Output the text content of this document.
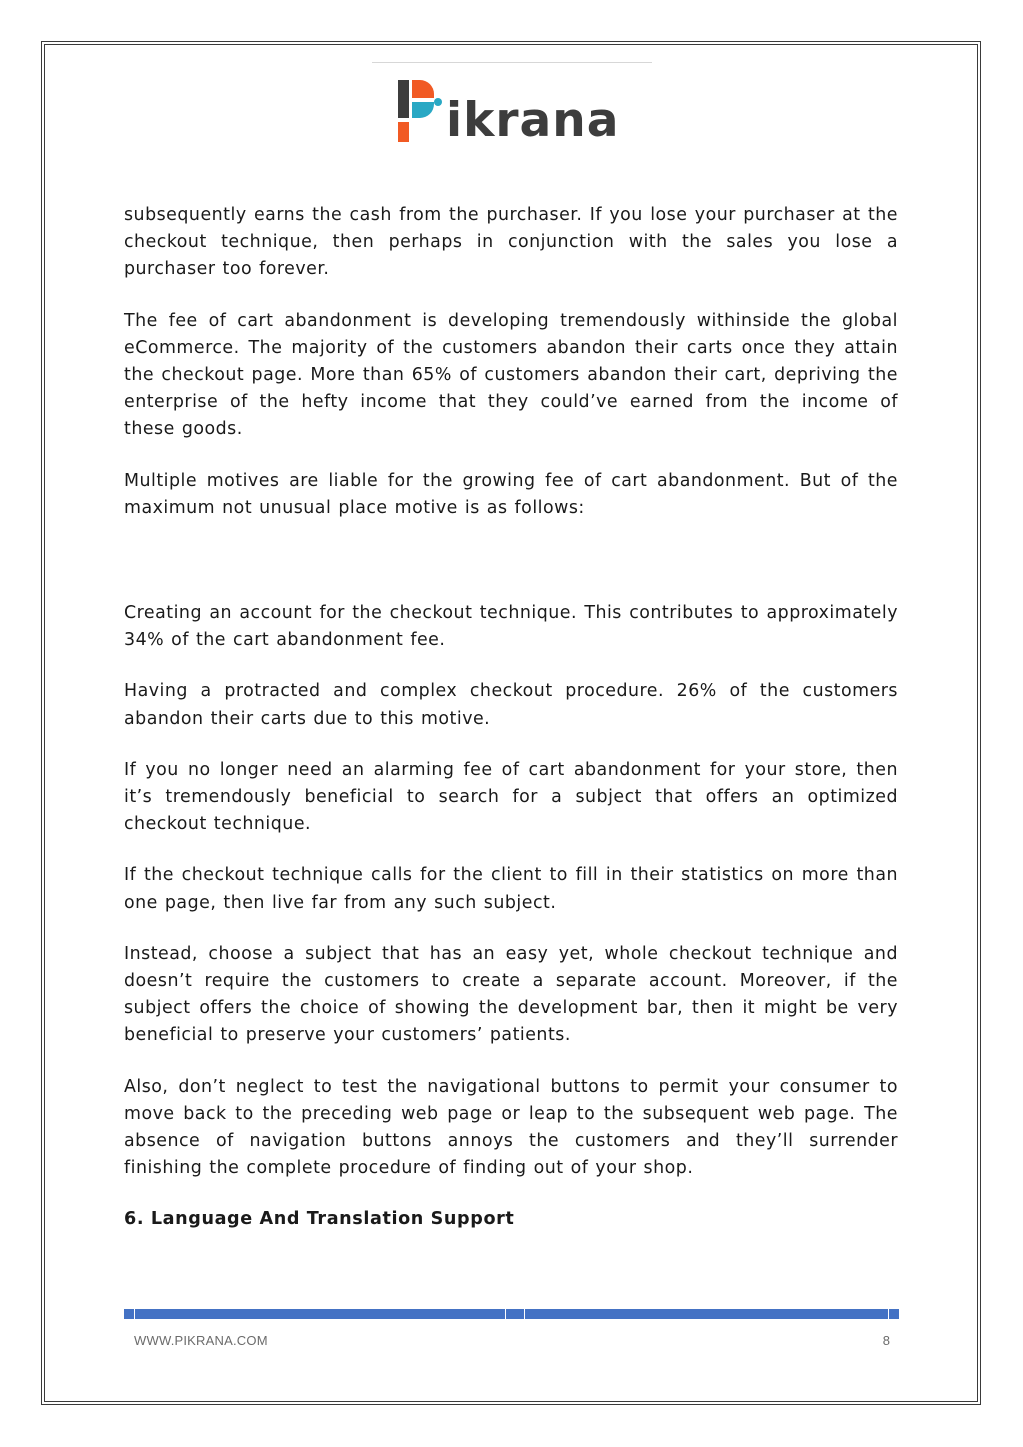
ikrana

subsequently earns the cash from the purchaser. If you lose your purchaser at the checkout technique, then perhaps in conjunction with the sales you lose a purchaser too forever.

The fee of cart abandonment is developing tremendously withinside the global eCommerce. The majority of the customers abandon their carts once they attain the checkout page. More than 65% of customers abandon their cart, depriving the enterprise of the hefty income that they could’ve earned from the income of these goods.

Multiple motives are liable for the growing fee of cart abandonment. But of the maximum not unusual place motive is as follows:

Creating an account for the checkout technique. This contributes to approximately 34% of the cart abandonment fee.

Having a protracted and complex checkout procedure. 26% of the customers abandon their carts due to this motive.

If you no longer need an alarming fee of cart abandonment for your store, then it’s tremendously beneficial to search for a subject that offers an optimized checkout technique.

If the checkout technique calls for the client to fill in their statistics on more than one page, then live far from any such subject.

Instead, choose a subject that has an easy yet, whole checkout technique and doesn’t require the customers to create a separate account. Moreover, if the subject offers the choice of showing the development bar, then it might be very beneficial to preserve your customers’ patients.

Also, don’t neglect to test the navigational buttons to permit your consumer to move back to the preceding web page or leap to the subsequent web page. The absence of navigation buttons annoys the customers and they’ll surrender finishing the complete procedure of finding out of your shop.

6. Language And Translation Support
WWW.PIKRANA.COM	8
